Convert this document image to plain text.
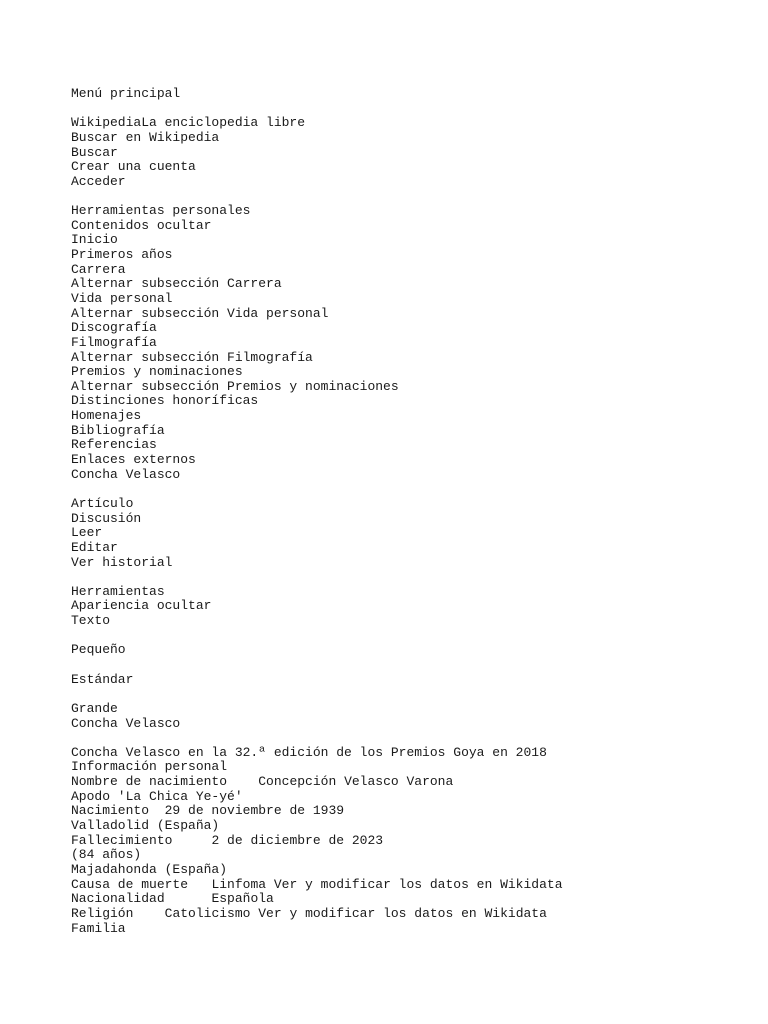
Menú principal
WikipediaLa enciclopedia libre
Buscar en Wikipedia
Buscar
Crear una cuenta
Acceder
Herramientas personales
Contenidos ocultar
Inicio
Primeros años
Carrera
Alternar subsección Carrera
Vida personal
Alternar subsección Vida personal
Discografía
Filmografía
Alternar subsección Filmografía
Premios y nominaciones
Alternar subsección Premios y nominaciones
Distinciones honoríficas
Homenajes
Bibliografía
Referencias
Enlaces externos
Concha Velasco
Artículo
Discusión
Leer
Editar
Ver historial
Herramientas
Apariencia ocultar
Texto
Pequeño
Estándar
Grande
Concha Velasco
Concha Velasco en la 32.ª edición de los Premios Goya en 2018
Información personal
Nombre de nacimiento Concepción Velasco Varona
Apodo 'La Chica Ye-yé'
Nacimiento 29 de noviembre de 1939
Valladolid (España)
Fallecimiento	2 de diciembre de 2023
(84 años)
Majadahonda (España)
Causa de muerte Linfoma Ver y modificar los datos en Wikidata
Nacionalidad	Española
Religión Catolicismo Ver y modificar los datos en Wikidata
Familia
